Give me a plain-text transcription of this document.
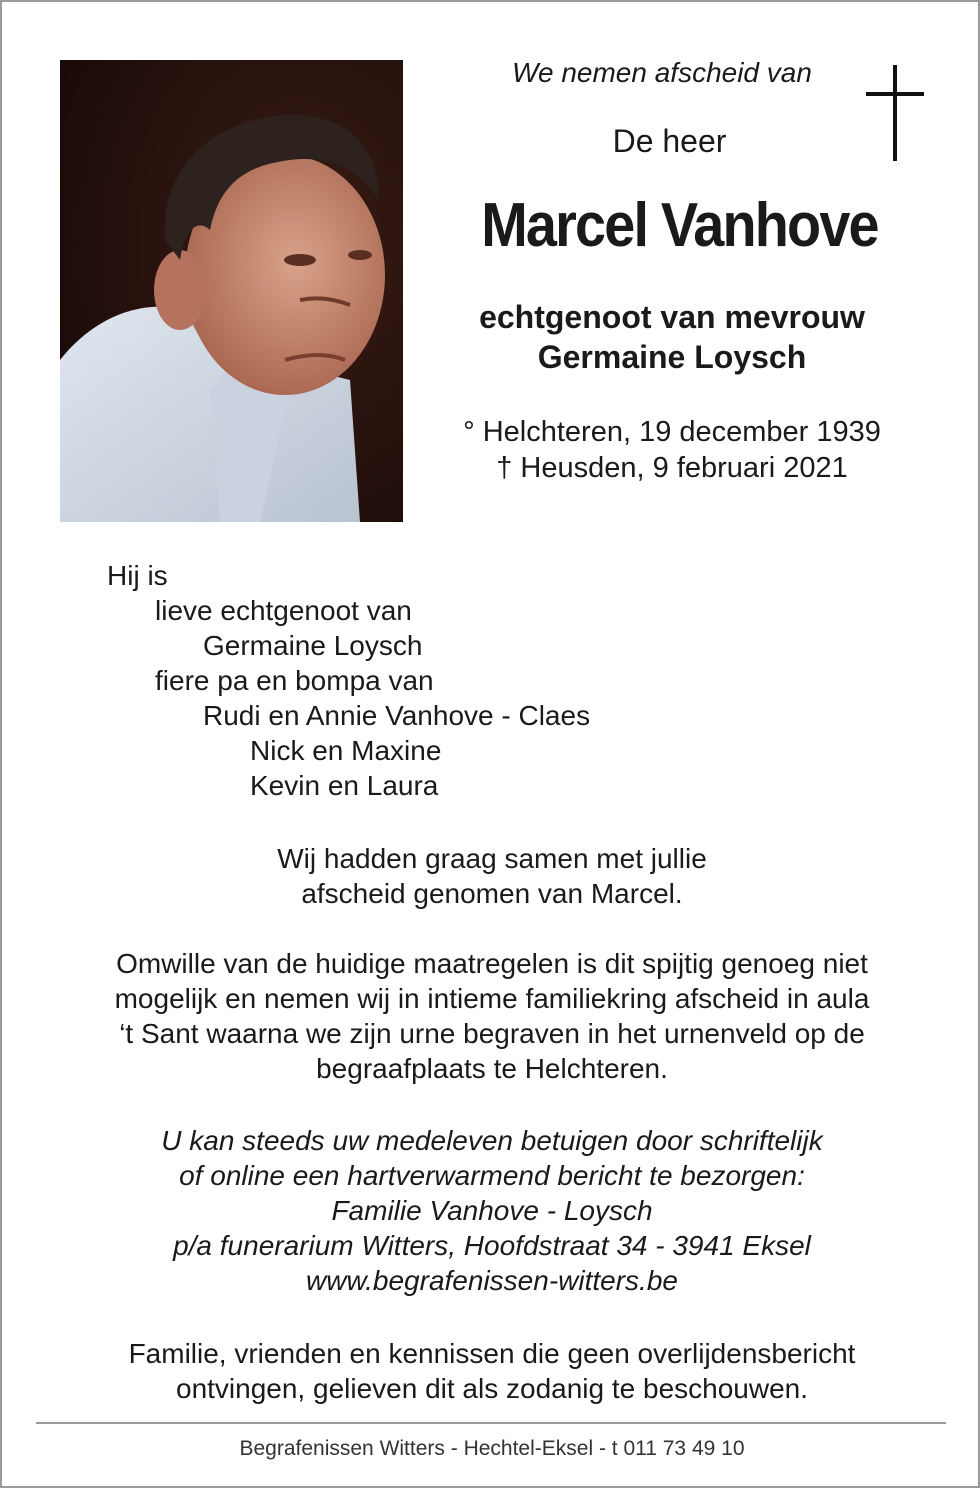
We nemen afscheid van
De heer
Marcel Vanhove
echtgenoot van mevrouw
Germaine Loysch
° Helchteren, 19 december 1939
† Heusden, 9 februari 2021
Hij is
lieve echtgenoot van
Germaine Loysch
fiere pa en bompa van
Rudi en Annie Vanhove - Claes
Nick en Maxine
Kevin en Laura
Wij hadden graag samen met jullie
afscheid genomen van Marcel.
Omwille van de huidige maatregelen is dit spijtig genoeg niet
mogelijk en nemen wij in intieme familiekring afscheid in aula
‘t Sant waarna we zijn urne begraven in het urnenveld op de
begraafplaats te Helchteren.
U kan steeds uw medeleven betuigen door schriftelijk
of online een hartverwarmend bericht te bezorgen:
Familie Vanhove - Loysch
p/a funerarium Witters, Hoofdstraat 34 - 3941 Eksel
www.begrafenissen-witters.be
Familie, vrienden en kennissen die geen overlijdensbericht
ontvingen, gelieven dit als zodanig te beschouwen.
Begrafenissen Witters - Hechtel-Eksel - t 011 73 49 10
